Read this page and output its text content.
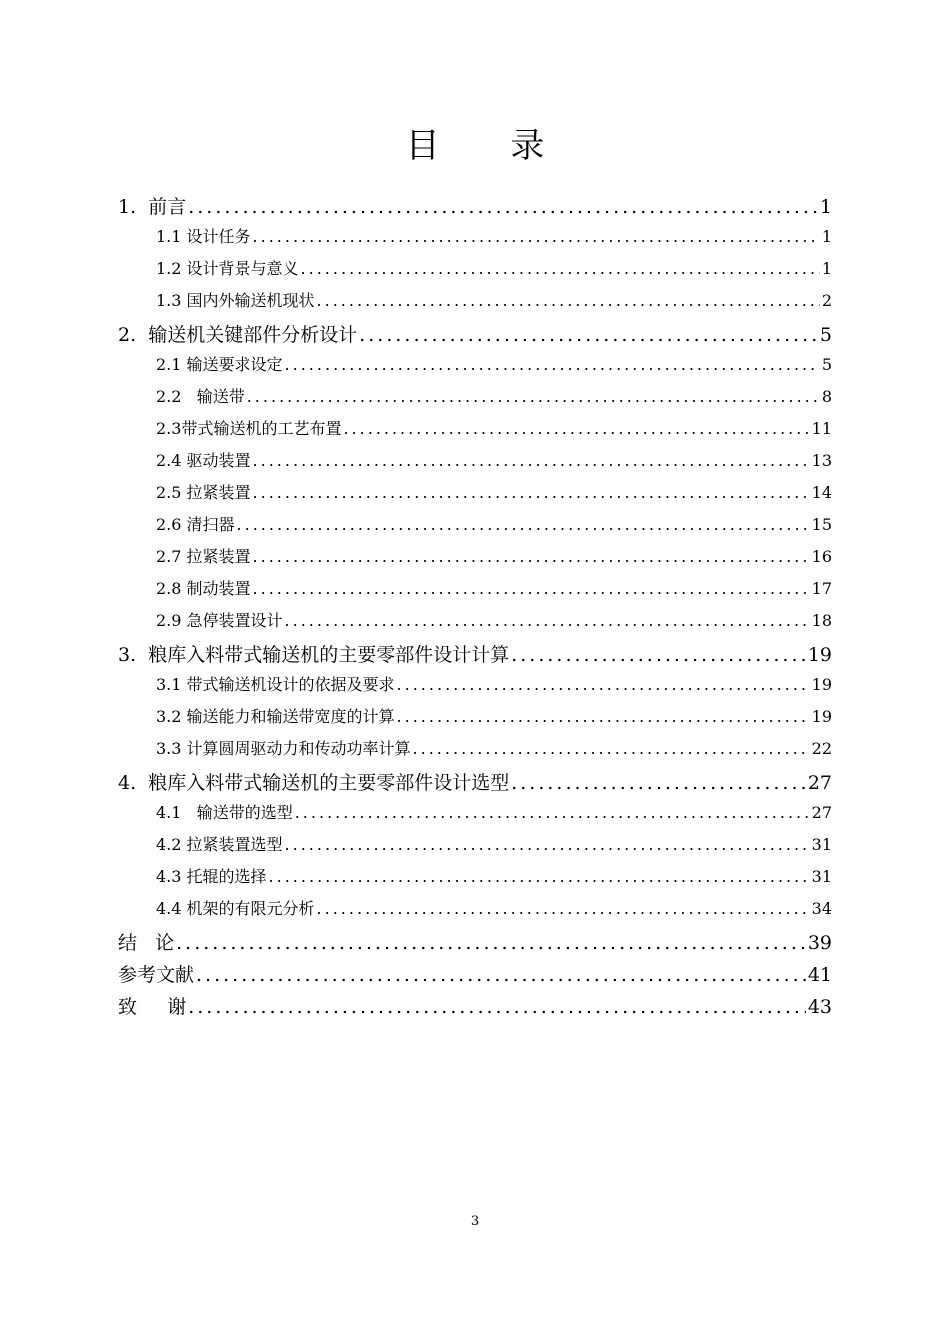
目 录
1.  前言 .....	1
1.1 设计任务 .....	1
1.2 设计背景与意义 .....	1
1.3 国内外输送机现状 .....	2
2.  输送机关键部件分析设计 .....	5
2.1 输送要求设定 .....	5
2.2   输送带 .....	8
2.3带式输送机的工艺布置 .....	11
2.4 驱动装置 .....	13
2.5 拉紧装置 .....	14
2.6 清扫器 .....	15
2.7 拉紧装置 .....	16
2.8 制动装置 .....	17
2.9 急停装置设计 .....	18
3.  粮库入料带式输送机的主要零部件设计计算 .....	19
3.1 带式输送机设计的依据及要求 .....	19
3.2 输送能力和输送带宽度的计算 .....	19
3.3 计算圆周驱动力和传动功率计算 .....	22
4.  粮库入料带式输送机的主要零部件设计选型 .....	27
4.1   输送带的选型 .....	27
4.2 拉紧装置选型 .....	31
4.3 托辊的选择 .....	31
4.4 机架的有限元分析 .....	34
结   论 .....	39
参考文献 .....	41
致     谢 .....	43
3
